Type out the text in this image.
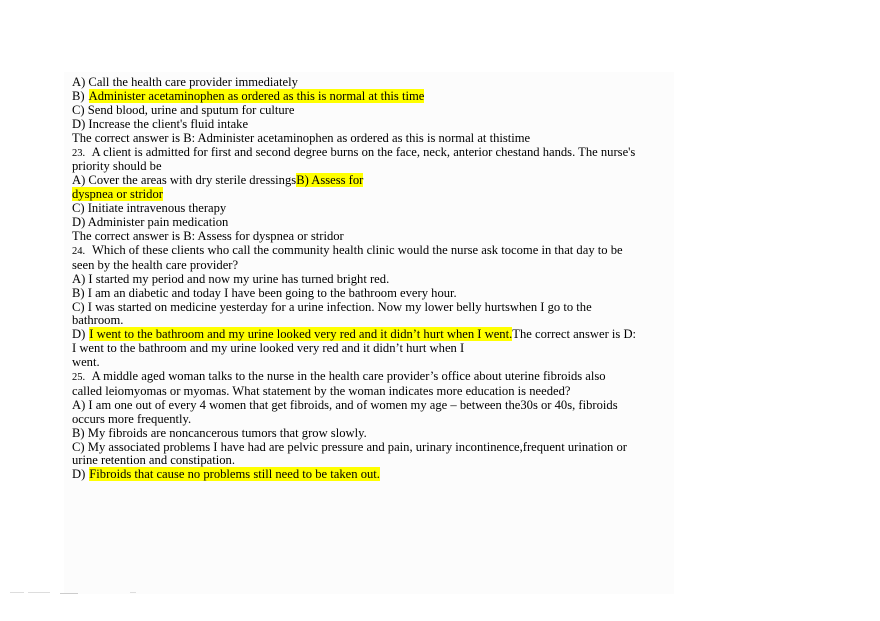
A) Call the health care provider immediately
B) Administer acetaminophen as ordered as this is normal at this time
C) Send blood, urine and sputum for culture
D) Increase the client's fluid intake
The correct answer is B: Administer acetaminophen as ordered as this is normal at thistime
23. A client is admitted for first and second degree burns on the face, neck, anterior chestand hands. The nurse's
priority should be
A) Cover the areas with dry sterile dressingsB) Assess for
dyspnea or stridor
C) Initiate intravenous therapy
D) Administer pain medication
The correct answer is B: Assess for dyspnea or stridor
24. Which of these clients who call the community health clinic would the nurse ask tocome in that day to be
seen by the health care provider?
A) I started my period and now my urine has turned bright red.
B) I am an diabetic and today I have been going to the bathroom every hour.
C) I was started on medicine yesterday for a urine infection. Now my lower belly hurtswhen I go to the
bathroom.
D) I went to the bathroom and my urine looked very red and it didn’t hurt when I went.The correct answer is D:
I went to the bathroom and my urine looked very red and it didn’t hurt when I
went.
25. A middle aged woman talks to the nurse in the health care provider’s office about uterine fibroids also
called leiomyomas or myomas. What statement by the woman indicates more education is needed?
A) I am one out of every 4 women that get fibroids, and of women my age – between the30s or 40s, fibroids
occurs more frequently.
B) My fibroids are noncancerous tumors that grow slowly.
C) My associated problems I have had are pelvic pressure and pain, urinary incontinence,frequent urination or
urine retention and constipation.
D) Fibroids that cause no problems still need to be taken out.
